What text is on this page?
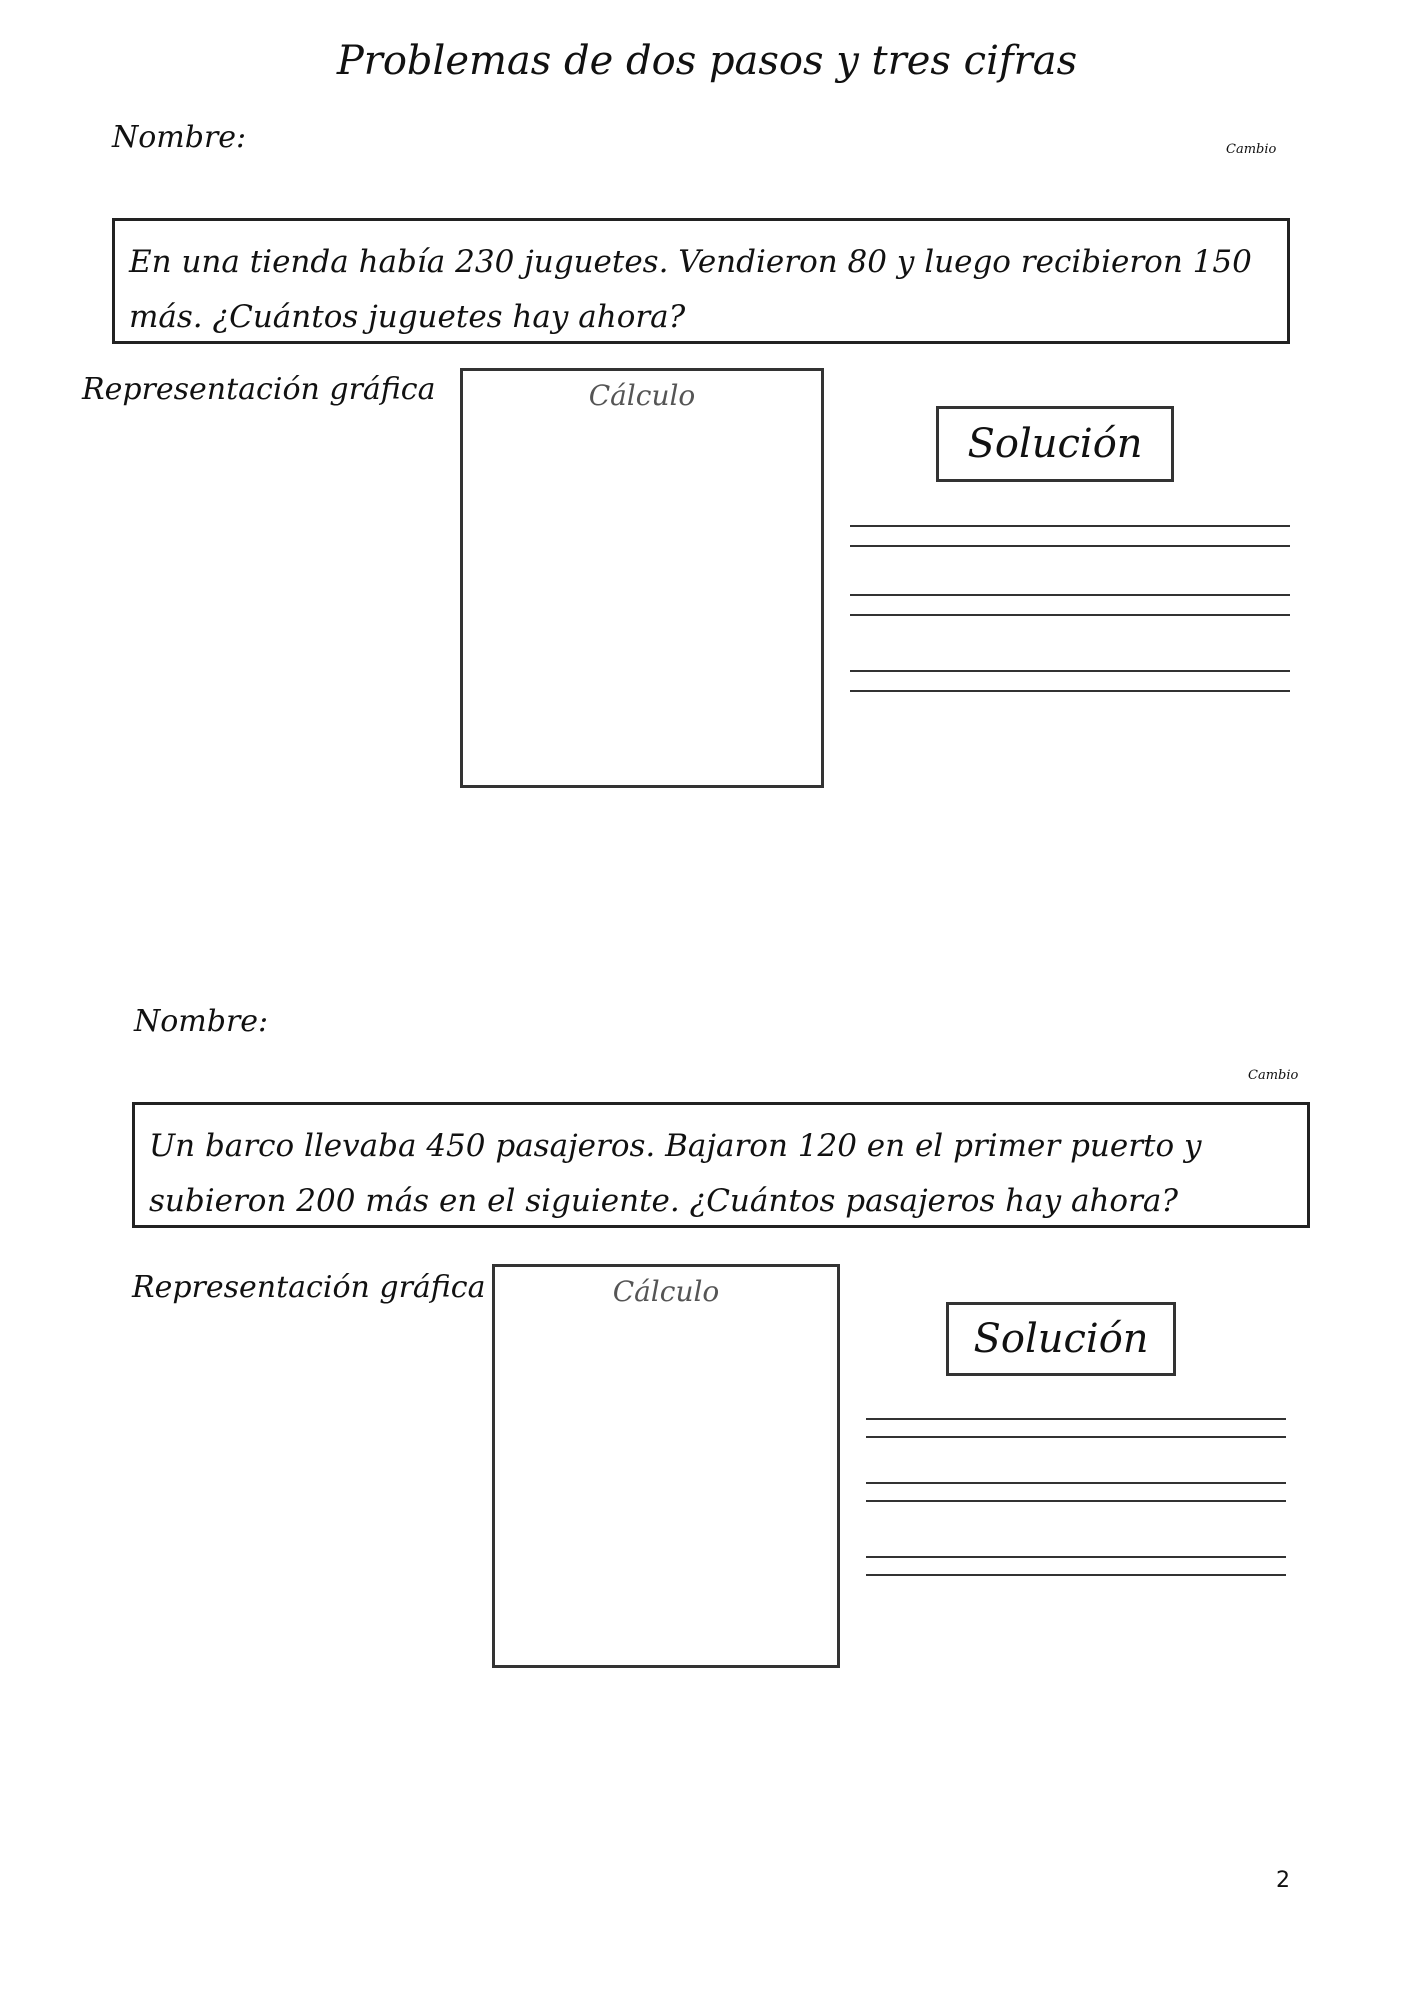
Problemas de dos pasos y tres cifras
Nombre:	Cambio
En una tienda había 230 juguetes. Vendieron 80 y luego recibieron 150 más. ¿Cuántos juguetes hay ahora?
Representación gráfica	Cálculo
Solución
Nombre:
Cambio
Un barco llevaba 450 pasajeros. Bajaron 120 en el primer puerto y subieron 200 más en el siguiente. ¿Cuántos pasajeros hay ahora?
Representación gráfica	Cálculo
Solución
2
